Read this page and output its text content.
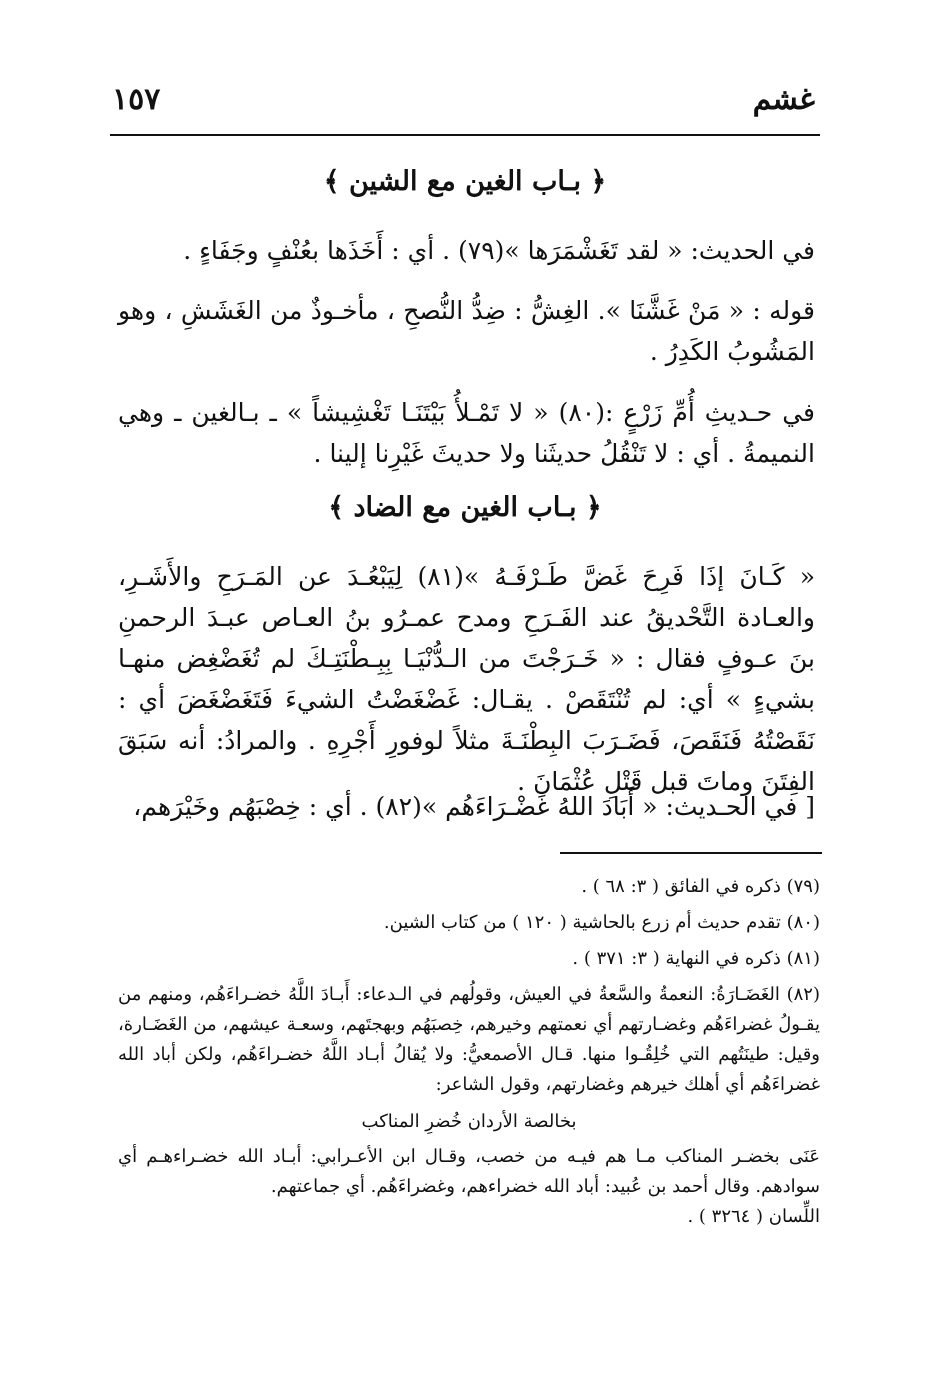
غشم
١٥٧
﴿ بـاب الغين مع الشين ﴾

في الحديث: « لقد تَغَشْمَرَها »(٧٩) . أي : أَخَذَها بعُنْفٍ وجَفَاءٍ .

قوله : « مَنْ غَشَّنَا ». الغِشُّ : ضِدُّ النُّصحِ ، مأخـوذٌ من الغَشَشِ ، وهو المَشُوبُ الكَدِرُ .

في حـديثِ أُمِّ زَرْعٍ :(٨٠) « لا تَمْـلأُ بَيْتَنَـا تَغْشِيشاً » ـ بـالغين ـ وهي النميمةُ . أي : لا تَنْقُلُ حديثَنا ولا حديثَ غَيْرِنا إلينا .

﴿ بـاب الغين مع الضاد ﴾

« كَـانَ إذَا فَرِحَ غَضَّ طَـرْفَـهُ »(٨١) لِيَبْعُـدَ عن المَـرَحِ والأَشَـرِ، والعـادة التَّحْديقُ عند الفَـرَحِ ومدح عمـرُو بنُ العـاص عبـدَ الرحمنِ بنَ عـوفٍ فقال : « خَـرَجْتَ من الـدُّنْيَـا بِبِـطْنَتِـكَ لم تُغَضْغِض منهـا بشيءٍ » أي: لم تُنْتَقَصْ . يقـال: غَضْغَضْتُ الشيءَ فَتَغَضْغَضَ أي : نَقَصْتُهُ فَنَقَصَ، فَضَـرَبَ البِطْنَـةَ مثلاً لوفورِ أَجْرِهِ . والمرادُ: أنه سَبَقَ الفِتَنَ وماتَ قبل قَتْلِ عُثْمَانَ .

[ في الحـديث: « أَبَادَ اللهُ غَضْـرَاءَهُم »(٨٢) . أي : خِصْبَهُم وخَيْرَهم،

(٧٩) ذكره في الفائق ( ٣: ٦٨ ) .
(٨٠) تقدم حديث أم زرع بالحاشية ( ١٢٠ ) من كتاب الشين.
(٨١) ذكره في النهاية ( ٣: ٣٧١ ) .
(٨٢) الغَضَـارَةُ: النعمةُ والسَّعةُ في العيش، وقولُهم في الـدعاء: أَبـادَ اللَّهُ خضـراءَهُم، ومنهم من يقـولُ غضراءَهُم وغضـارتهم أي نعمتهم وخيرهم، خِصبَهُم وبهجتَهم، وسعـة عيشهم، من الغَضَـارة، وقيل: طينَتُهم التي خُلِقُـوا منها. قـال الأصمعيُّ: ولا يُقالُ أبـاد اللَّهُ خضـراءَهُم، ولكن أباد الله غضراءَهُم أي أهلك خيرهم وغضارتهم، وقول الشاعر:
بخالصة الأردان خُضرِ المناكب
عَنَى بخضـر المناكب مـا هم فيـه من خصب، وقـال ابن الأعـرابي: أبـاد الله خضـراءهـم أي سوادهم. وقال أحمد بن عُبيد: أباد الله خضراءهم، وغضراءَهُم. أي جماعتهم.
اللِّسان ( ٣٢٦٤ ) .
